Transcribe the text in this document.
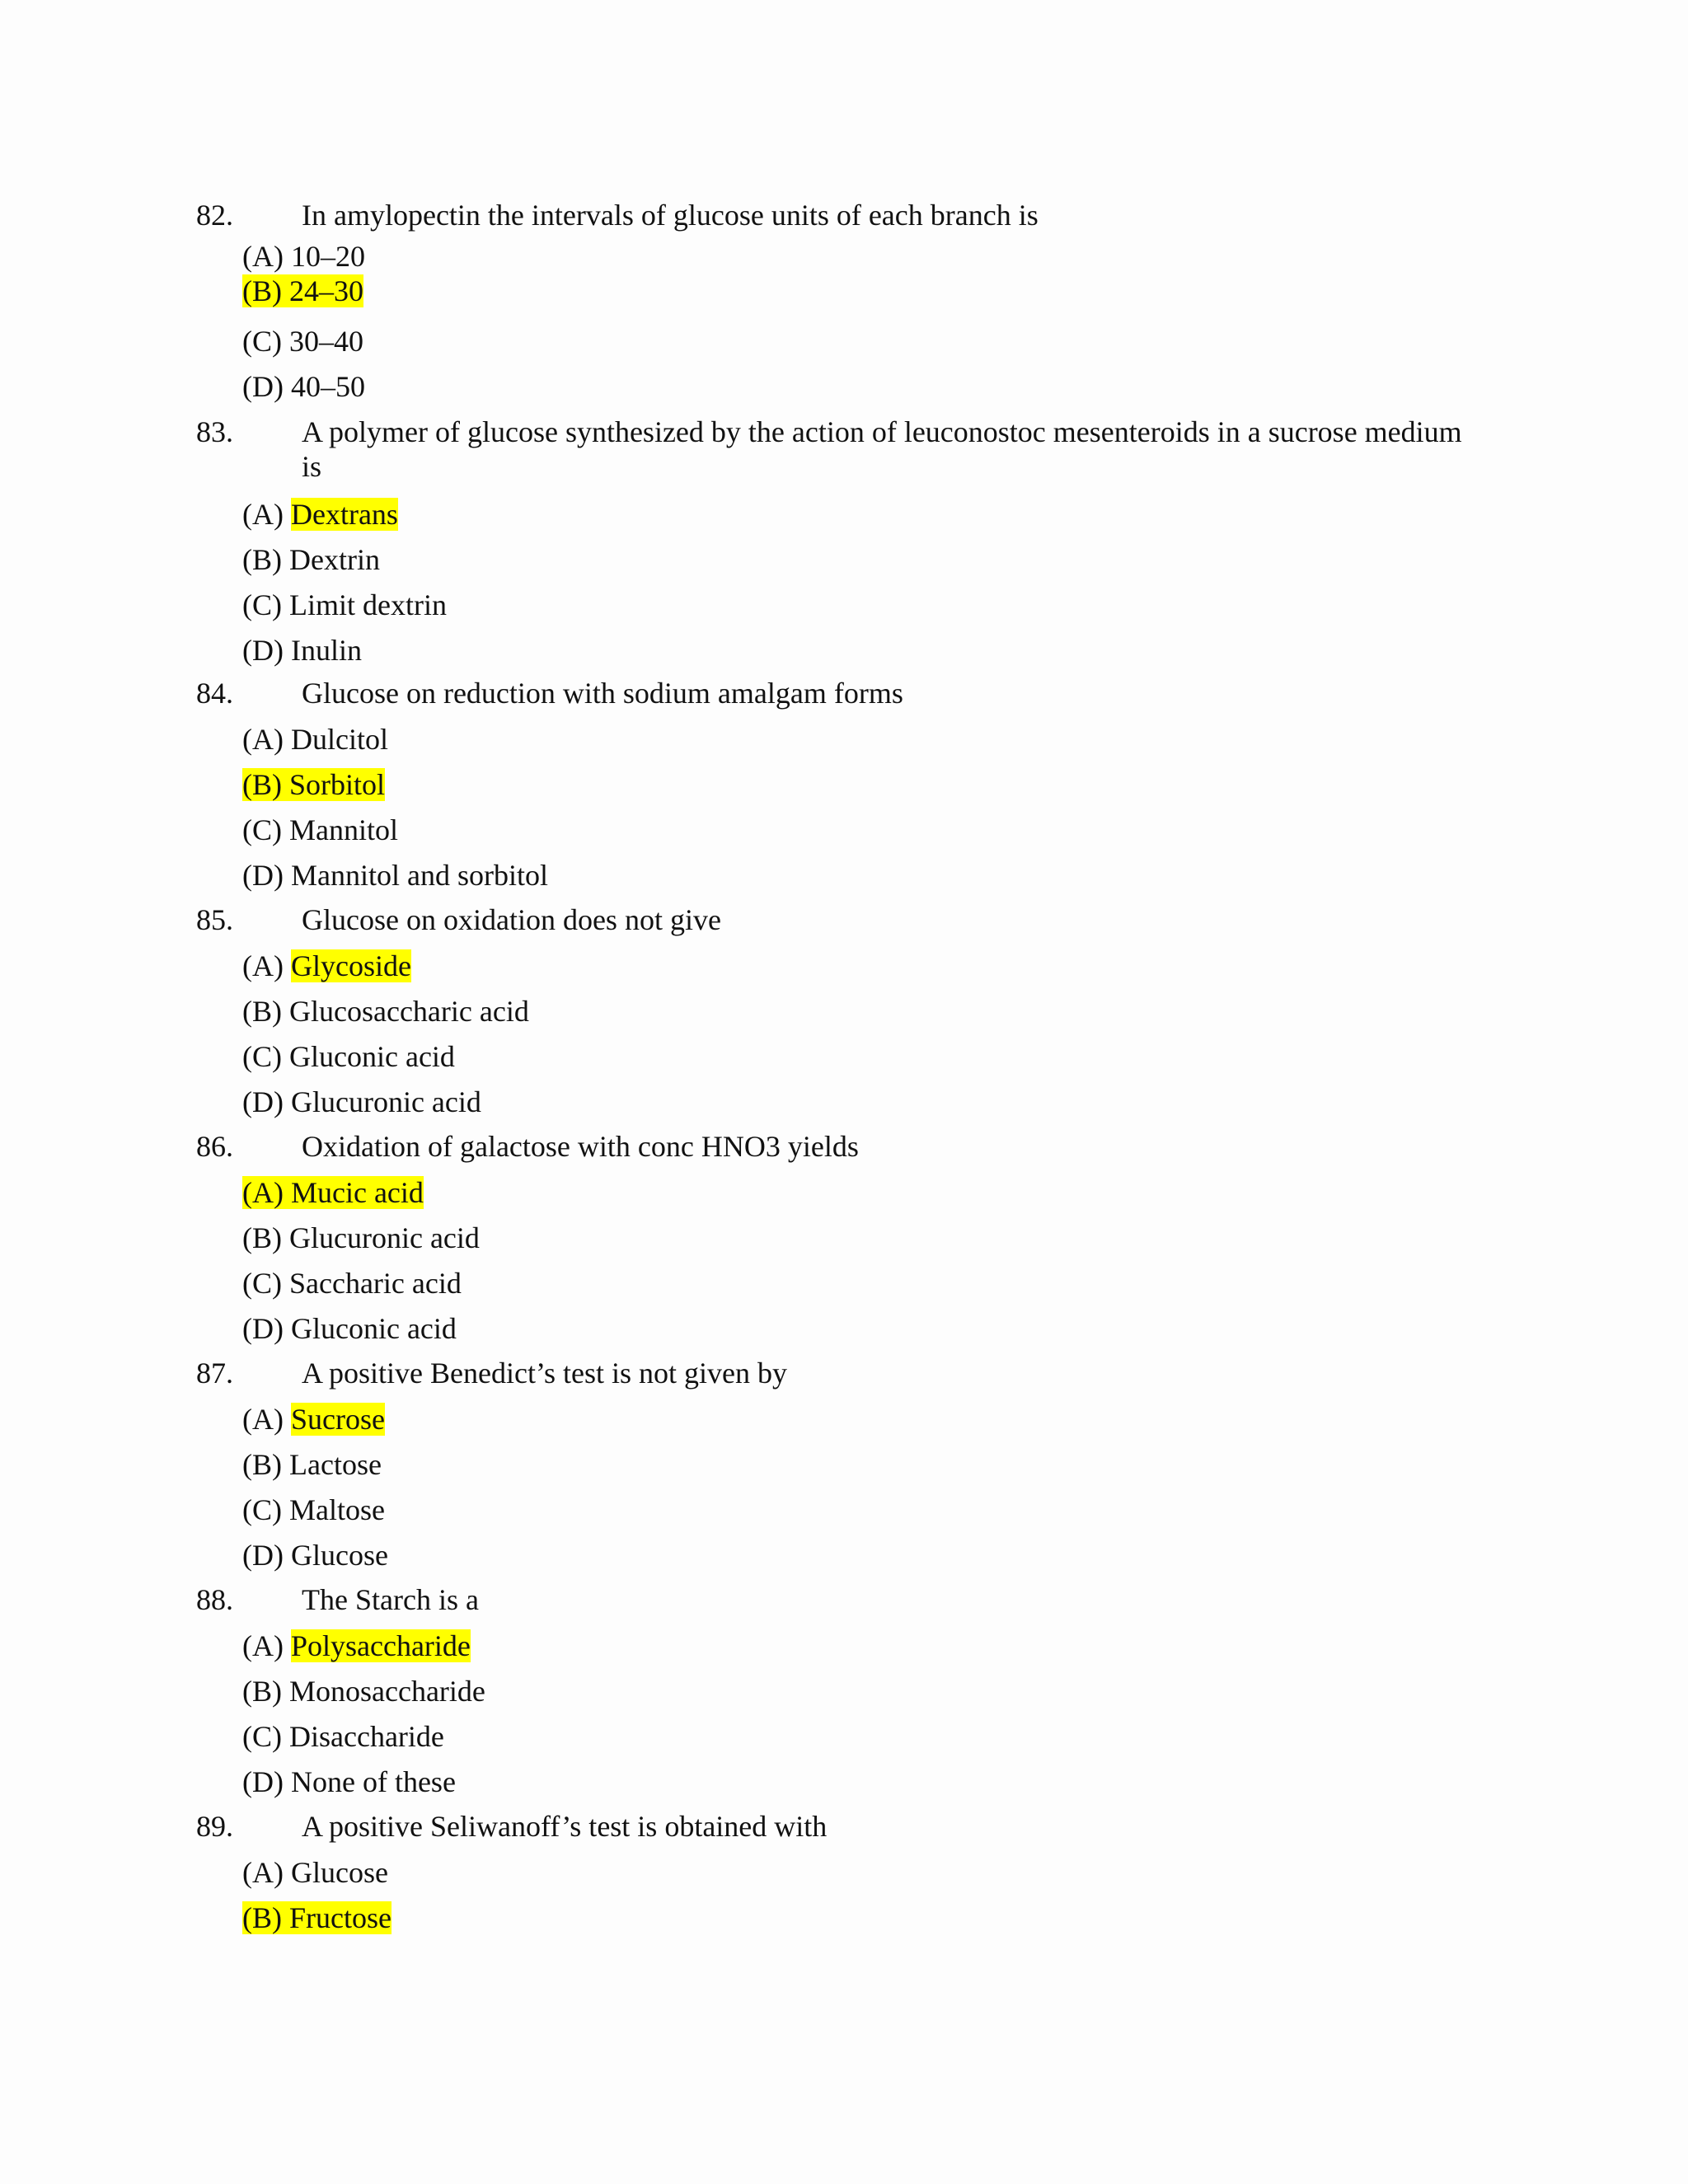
82. In amylopectin the intervals of glucose units of each branch is
(A) 10–20
(B) 24–30
(C) 30–40
(D) 40–50
83. A polymer of glucose synthesized by the action of leuconostoc mesenteroids in a sucrose medium is
(A) Dextrans
(B) Dextrin
(C) Limit dextrin
(D) Inulin
84. Glucose on reduction with sodium amalgam forms
(A) Dulcitol
(B) Sorbitol
(C) Mannitol
(D) Mannitol and sorbitol
85. Glucose on oxidation does not give
(A) Glycoside
(B) Glucosaccharic acid
(C) Gluconic acid
(D) Glucuronic acid
86. Oxidation of galactose with conc HNO3 yields
(A) Mucic acid
(B) Glucuronic acid
(C) Saccharic acid
(D) Gluconic acid
87. A positive Benedict’s test is not given by
(A) Sucrose
(B) Lactose
(C) Maltose
(D) Glucose
88. The Starch is a
(A) Polysaccharide
(B) Monosaccharide
(C) Disaccharide
(D) None of these
89. A positive Seliwanoff’s test is obtained with
(A) Glucose
(B) Fructose
